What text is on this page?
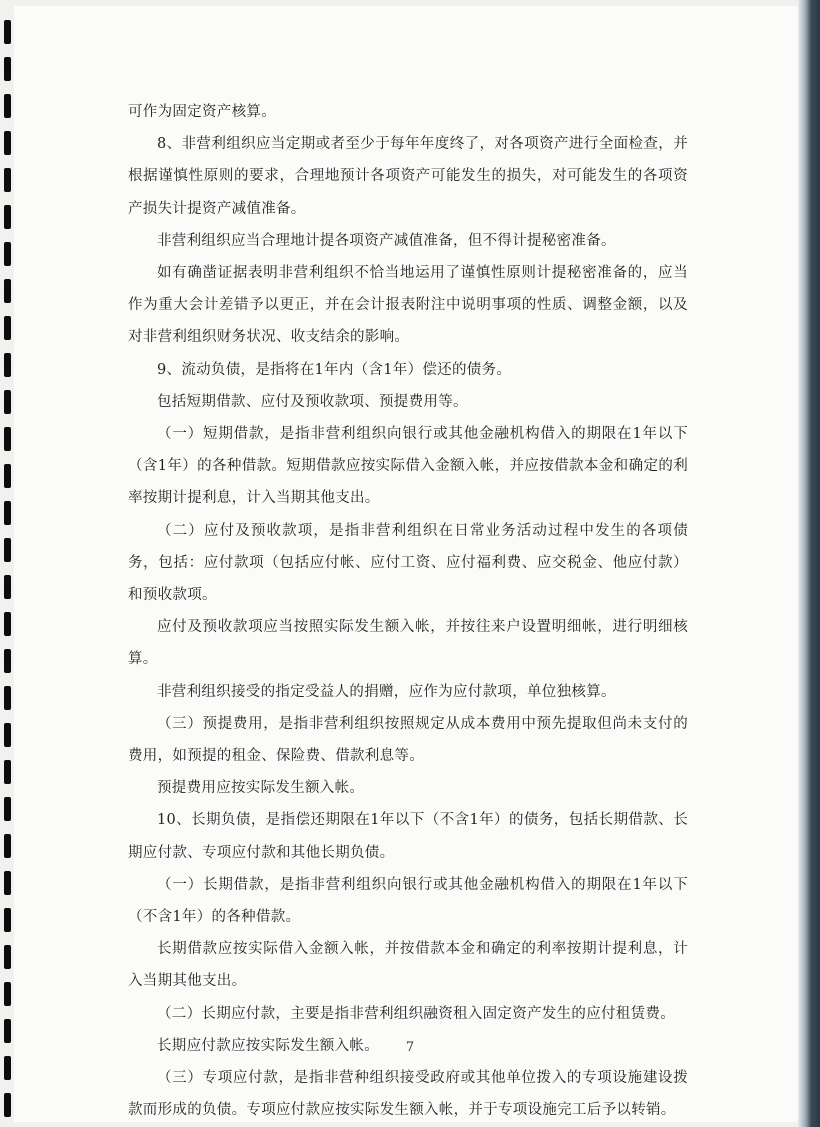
可作为固定资产核算。

8、非营利组织应当定期或者至少于每年年度终了，对各项资产进行全面检查，并根据谨慎性原则的要求，合理地预计各项资产可能发生的损失，对可能发生的各项资产损失计提资产减值准备。

非营利组织应当合理地计提各项资产减值准备，但不得计提秘密准备。

如有确凿证据表明非营利组织不恰当地运用了谨慎性原则计提秘密准备的，应当作为重大会计差错予以更正，并在会计报表附注中说明事项的性质、调整金额，以及对非营利组织财务状况、收支结余的影响。

9、流动负债，是指将在1年内（含1年）偿还的债务。

包括短期借款、应付及预收款项、预提费用等。

（一）短期借款，是指非营利组织向银行或其他金融机构借入的期限在1年以下（含1年）的各种借款。短期借款应按实际借入金额入帐，并应按借款本金和确定的利率按期计提利息，计入当期其他支出。

（二）应付及预收款项，是指非营利组织在日常业务活动过程中发生的各项债务，包括：应付款项（包括应付帐、应付工资、应付福利费、应交税金、他应付款）和预收款项。

应付及预收款项应当按照实际发生额入帐，并按往来户设置明细帐，进行明细核算。

非营利组织接受的指定受益人的捐赠，应作为应付款项，单位独核算。

（三）预提费用，是指非营利组织按照规定从成本费用中预先提取但尚未支付的费用，如预提的租金、保险费、借款利息等。

预提费用应按实际发生额入帐。

10、长期负债，是指偿还期限在1年以下（不含1年）的债务，包括长期借款、长期应付款、专项应付款和其他长期负债。

（一）长期借款，是指非营利组织向银行或其他金融机构借入的期限在1年以下（不含1年）的各种借款。

长期借款应按实际借入金额入帐，并按借款本金和确定的利率按期计提利息，计入当期其他支出。

（二）长期应付款，主要是指非营利组织融资租入固定资产发生的应付租赁费。

长期应付款应按实际发生额入帐。

（三）专项应付款，是指非营种组织接受政府或其他单位拨入的专项设施建设拨款而形成的负债。专项应付款应按实际发生额入帐，并于专项设施完工后予以转销。

7
